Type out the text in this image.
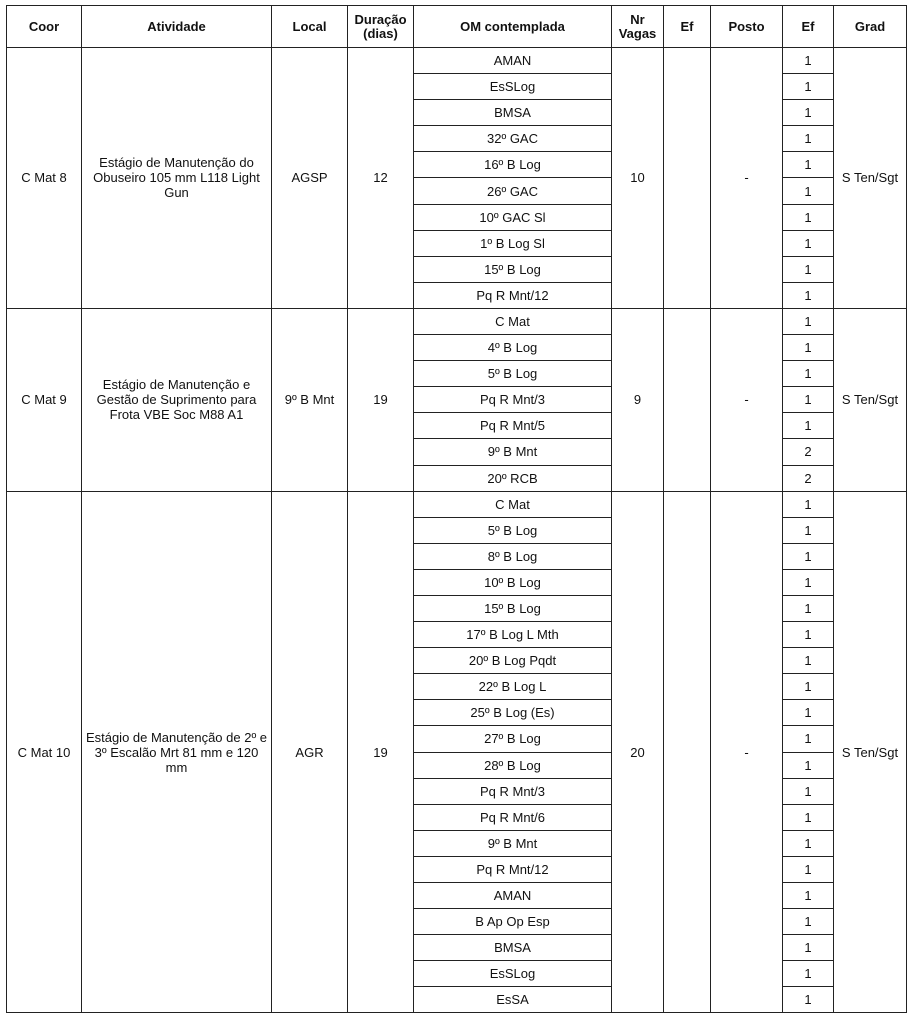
Coor	Atividade	Local	Duração (dias)	OM contemplada	Nr Vagas	Ef	Posto	Ef	Grad
C Mat 8	Estágio de Manutenção do Obuseiro 105 mm L118 Light Gun	AGSP	12	AMAN	10		-	1	S Ten/Sgt
				EsSLog				1	
				BMSA				1	
				32º GAC				1	
				16º B Log				1	
				26º GAC				1	
				10º GAC Sl				1	
				1º B Log Sl				1	
				15º B Log				1	
				Pq R Mnt/12				1	
C Mat 9	Estágio de Manutenção e Gestão de Suprimento para Frota VBE Soc M88 A1	9º B Mnt	19	C Mat	9		-	1	S Ten/Sgt
				4º B Log				1	
				5º B Log				1	
				Pq R Mnt/3				1	
				Pq R Mnt/5				1	
				9º B Mnt				2	
				20º RCB				2	
C Mat 10	Estágio de Manutenção de 2º e 3º Escalão Mrt 81 mm e 120 mm	AGR	19	C Mat	20		-	1	S Ten/Sgt
				5º B Log				1	
				8º B Log				1	
				10º B Log				1	
				15º B Log				1	
				17º B Log L Mth				1	
				20º B Log Pqdt				1	
				22º B Log L				1	
				25º B Log (Es)				1	
				27º B Log				1	
				28º B Log				1	
				Pq R Mnt/3				1	
				Pq R Mnt/6				1	
				9º B Mnt				1	
				Pq R Mnt/12				1	
				AMAN				1	
				B Ap Op Esp				1	
				BMSA				1	
				EsSLog				1	
				EsSA				1	
